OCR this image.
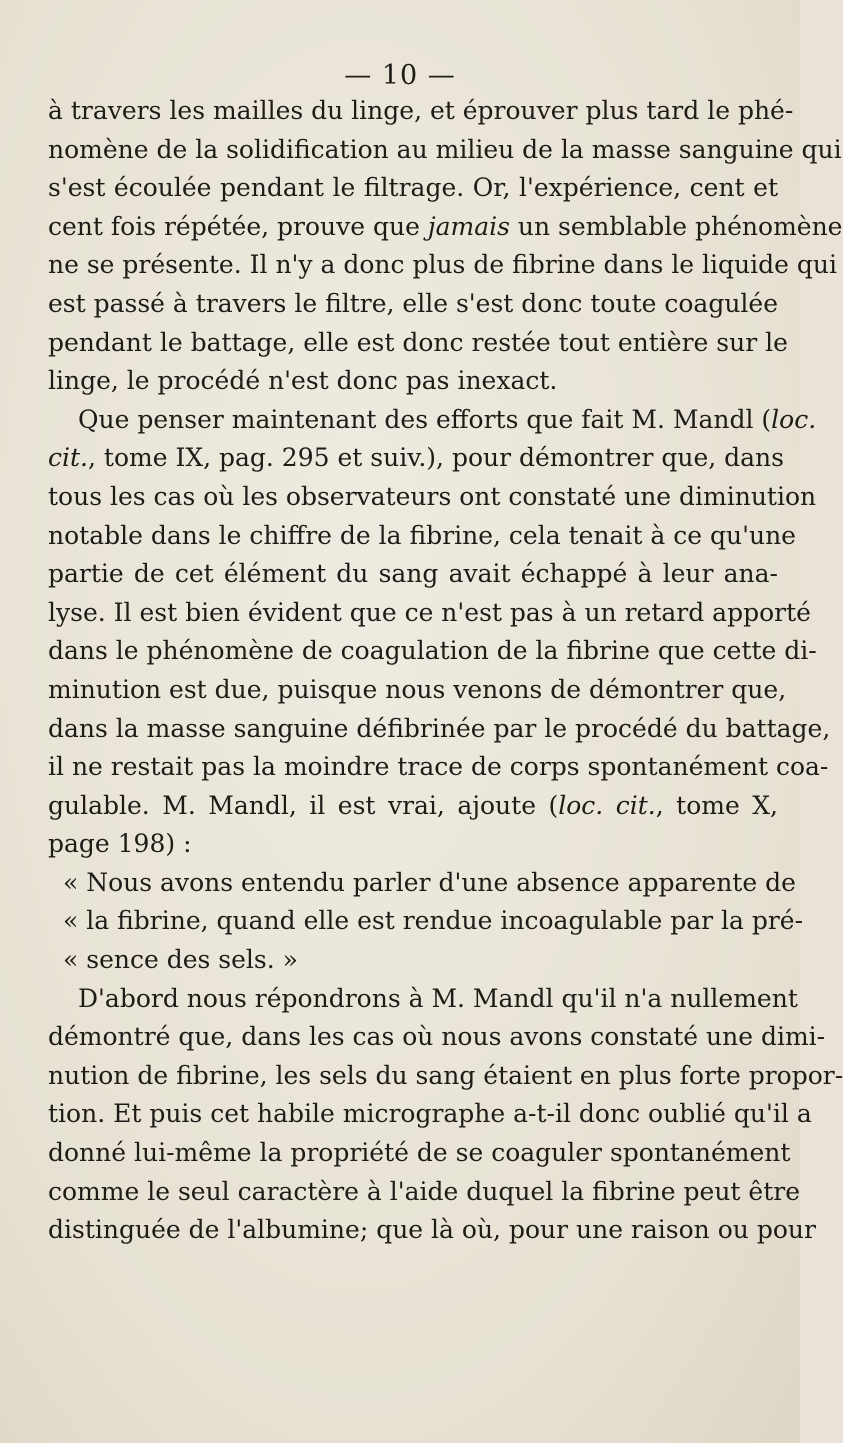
— 10 —
à travers les mailles du linge, et éprouver plus tard le phé-
nomène de la solidification au milieu de la masse sanguine qui
s'est écoulée pendant le filtrage. Or, l'expérience, cent et
cent fois répétée, prouve que jamais un semblable phénomène
ne se présente. Il n'y a donc plus de fibrine dans le liquide qui
est passé à travers le filtre, elle s'est donc toute coagulée
pendant le battage, elle est donc restée tout entière sur le
linge, le procédé n'est donc pas inexact.
Que penser maintenant des efforts que fait M. Mandl (loc.
cit., tome IX, pag. 295 et suiv.), pour démontrer que, dans
tous les cas où les observateurs ont constaté une diminution
notable dans le chiffre de la fibrine, cela tenait à ce qu'une
partie de cet élément du sang avait échappé à leur ana-
lyse. Il est bien évident que ce n'est pas à un retard apporté
dans le phénomène de coagulation de la fibrine que cette di-
minution est due, puisque nous venons de démontrer que,
dans la masse sanguine défibrinée par le procédé du battage,
il ne restait pas la moindre trace de corps spontanément coa-
gulable. M. Mandl, il est vrai, ajoute (loc. cit., tome X,
page 198) :
« Nous avons entendu parler d'une absence apparente de
« la fibrine, quand elle est rendue incoagulable par la pré-
« sence des sels. »
D'abord nous répondrons à M. Mandl qu'il n'a nullement
démontré que, dans les cas où nous avons constaté une dimi-
nution de fibrine, les sels du sang étaient en plus forte propor-
tion. Et puis cet habile micrographe a-t-il donc oublié qu'il a
donné lui-même la propriété de se coaguler spontanément
comme le seul caractère à l'aide duquel la fibrine peut être
distinguée de l'albumine; que là où, pour une raison ou pour
